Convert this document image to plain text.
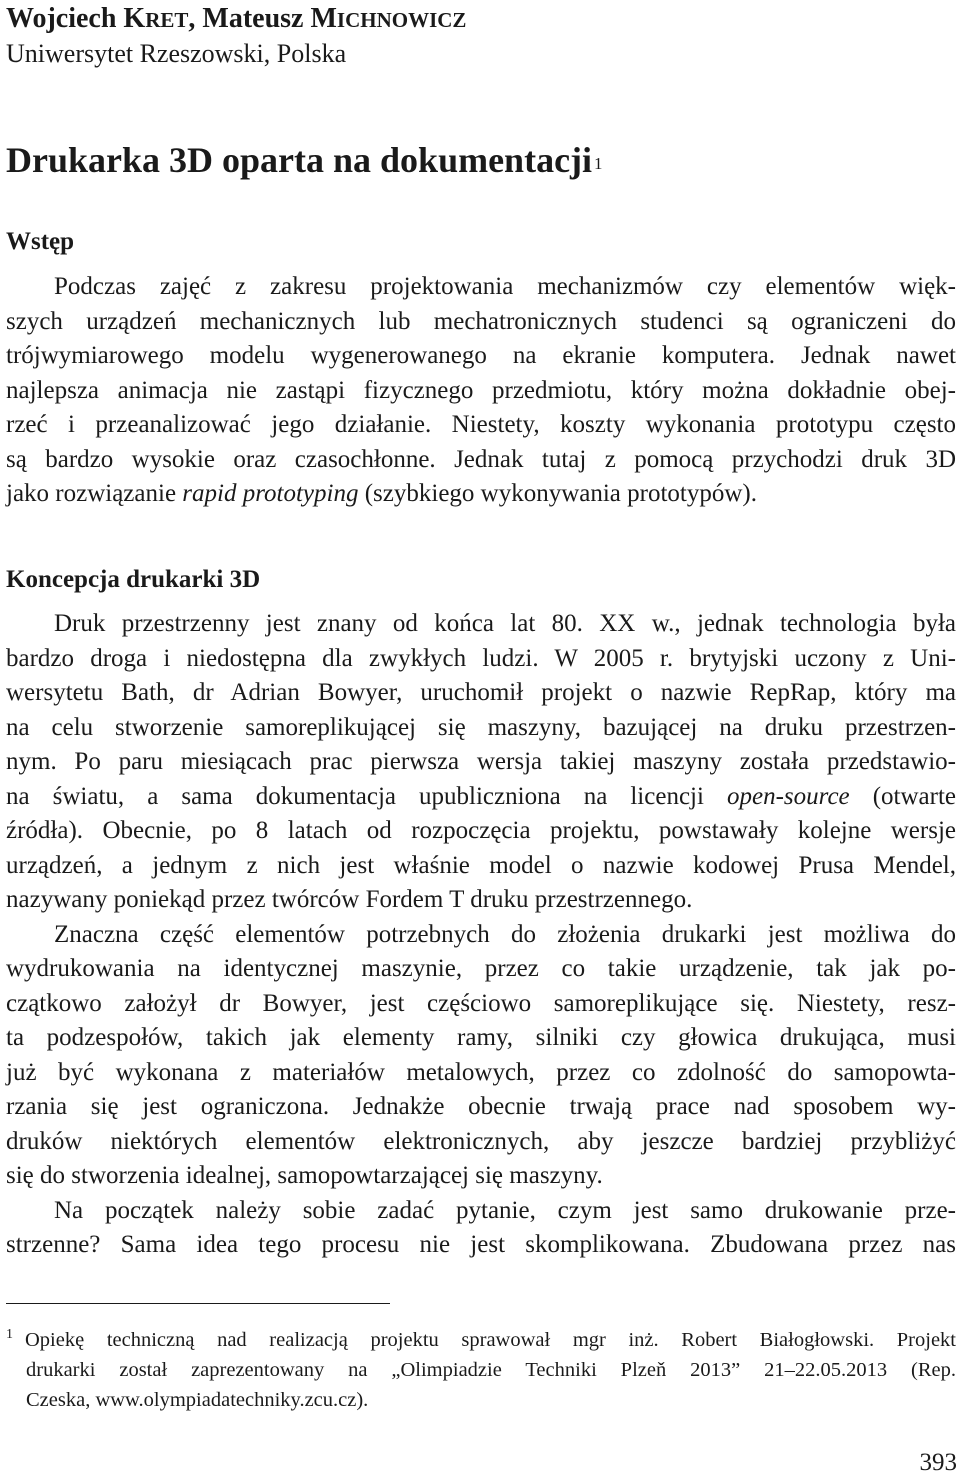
Wojciech KRET, Mateusz MICHNOWICZ
Uniwersytet Rzeszowski, Polska
Drukarka 3D oparta na dokumentacji $^1$
Wstęp
Podczas zajęć z zakresu projektowania mechanizmów czy elementów więk-
szych urządzeń mechanicznych lub mechatronicznych studenci są ograniczeni do
trójwymiarowego modelu wygenerowanego na ekranie komputera. Jednak nawet
najlepsza animacja nie zastąpi fizycznego przedmiotu, który można dokładnie obej-
rzeć i przeanalizować jego działanie. Niestety, koszty wykonania prototypu często
są bardzo wysokie oraz czasochłonne. Jednak tutaj z pomocą przychodzi druk 3D
jako rozwiązanie rapid prototyping (szybkiego wykonywania prototypów).
Koncepcja drukarki 3D
Druk przestrzenny jest znany od końca lat 80. XX w., jednak technologia była
bardzo droga i niedostępna dla zwykłych ludzi. W 2005 r. brytyjski uczony z Uni-
wersytetu Bath, dr Adrian Bowyer, uruchomił projekt o nazwie RepRap, który ma
na celu stworzenie samoreplikującej się maszyny, bazującej na druku przestrzen-
nym. Po paru miesiącach prac pierwsza wersja takiej maszyny została przedstawio-
na światu, a sama dokumentacja upubliczniona na licencji open-source (otwarte
źródła). Obecnie, po 8 latach od rozpoczęcia projektu, powstawały kolejne wersje
urządzeń, a jednym z nich jest właśnie model o nazwie kodowej Prusa Mendel,
nazywany poniekąd przez twórców Fordem T druku przestrzennego.
Znaczna część elementów potrzebnych do złożenia drukarki jest możliwa do
wydrukowania na identycznej maszynie, przez co takie urządzenie, tak jak po-
czątkowo założył dr Bowyer, jest częściowo samoreplikujące się. Niestety, resz-
ta podzespołów, takich jak elementy ramy, silniki czy głowica drukująca, musi
już być wykonana z materiałów metalowych, przez co zdolność do samopowta-
rzania się jest ograniczona. Jednakże obecnie trwają prace nad sposobem wy-
druków niektórych elementów elektronicznych, aby jeszcze bardziej przybliżyć
się do stworzenia idealnej, samopowtarzającej się maszyny.
Na początek należy sobie zadać pytanie, czym jest samo drukowanie prze-
strzenne? Sama idea tego procesu nie jest skomplikowana. Zbudowana przez nas
$^1$ Opiekę techniczną nad realizacją projektu sprawował mgr inż. Robert Białogłowski. Projekt
drukarki został zaprezentowany na „Olimpiadzie Techniki Plzeň 2013” 21–22.05.2013 (Rep.
Czeska, www.olympiadatechniky.zcu.cz).
393
